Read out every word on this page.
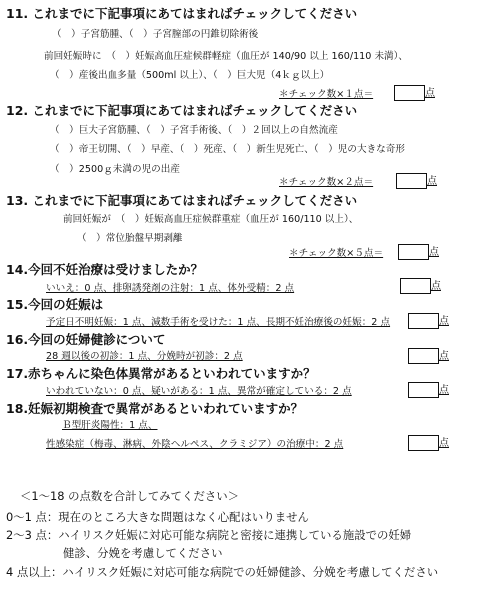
11. これまでに下記事項にあてはまればチェックしてください
（　）子宮筋腫、（　）子宮膣部の円錐切除術後
前回妊娠時に　（　）妊娠高血圧症候群軽症（血圧が 140/90 以上 160/110 未満）、
（　）産後出血多量（500ml 以上）、（　）巨大児（4ｋｇ以上）
＊チェック数×１点＝	点
12. これまでに下記事項にあてはまればチェックしてください
（　）巨大子宮筋腫、（　）子宮手術後、（　）２回以上の自然流産
（　）帝王切開、（　）早産、（　）死産、（　）新生児死亡、（　）児の大きな奇形
（　）2500ｇ未満の児の出産
＊チェック数×２点＝	点
13. これまでに下記事項にあてはまればチェックしてください
前回妊娠が　（　）妊娠高血圧症候群重症（血圧が 160/110 以上）、
（　）常位胎盤早期剥離
＊チェック数×５点＝	点
14.今回不妊治療は受けましたか？
いいえ：0 点、排卵誘発剤の注射：1 点、体外受精：2 点	点
15.今回の妊娠は
予定日不明妊娠：1 点、減数手術を受けた：1 点、長期不妊治療後の妊娠：2 点	点
16.今回の妊婦健診について
28 週以後の初診：1 点、分娩時が初診：2 点	点
17.赤ちゃんに染色体異常があるといわれていますか？
いわれていない：0 点、疑いがある：1 点、異常が確定している：2 点	点
18.妊娠初期検査で異常があるといわれていますか？
Ｂ型肝炎陽性：1 点、
性感染症（梅毒、淋病、外陰ヘルペス、クラミジア）の治療中：2 点	点
＜1〜18 の点数を合計してみてください＞
0〜1 点：現在のところ大きな問題はなく心配はいりません
2〜3 点：ハイリスク妊娠に対応可能な病院と密接に連携している施設での妊婦
健診、分娩を考慮してください
4 点以上：ハイリスク妊娠に対応可能な病院での妊婦健診、分娩を考慮してください
